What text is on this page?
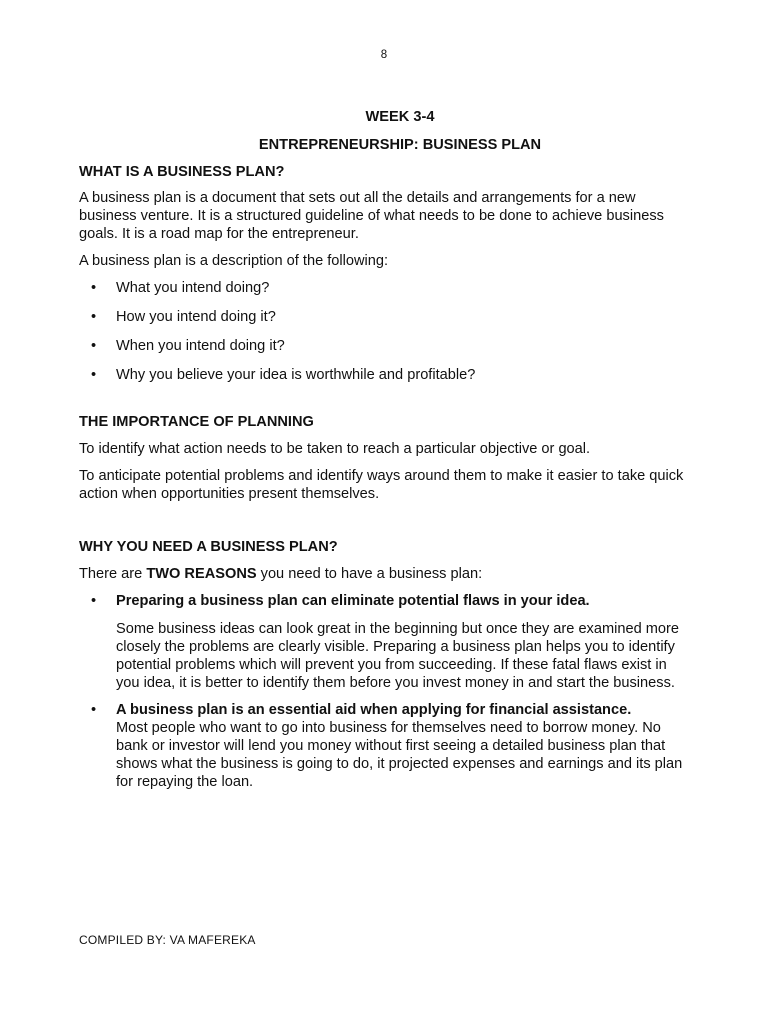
8

WEEK 3-4

ENTREPRENEURSHIP: BUSINESS PLAN

WHAT IS A BUSINESS PLAN?

A business plan is a document that sets out all the details and arrangements for a new business venture. It is a structured guideline of what needs to be done to achieve business goals. It is a road map for the entrepreneur.

A business plan is a description of the following:

• What you intend doing?
• How you intend doing it?
• When you intend doing it?
• Why you believe your idea is worthwhile and profitable?
THE IMPORTANCE OF PLANNING

To identify what action needs to be taken to reach a particular objective or goal.

To anticipate potential problems and identify ways around them to make it easier to take quick action when opportunities present themselves.

WHY YOU NEED A BUSINESS PLAN?

There are TWO REASONS you need to have a business plan:

• Preparing a business plan can eliminate potential flaws in your idea.
Some business ideas can look great in the beginning but once they are examined more closely the problems are clearly visible. Preparing a business plan helps you to identify potential problems which will prevent you from succeeding. If these fatal flaws exist in you idea, it is better to identify them before you invest money in and start the business.
• A business plan is an essential aid when applying for financial assistance.
Most people who want to go into business for themselves need to borrow money. No bank or investor will lend you money without first seeing a detailed business plan that shows what the business is going to do, it projected expenses and earnings and its plan for repaying the loan.
COMPILED BY: VA MAFEREKA
